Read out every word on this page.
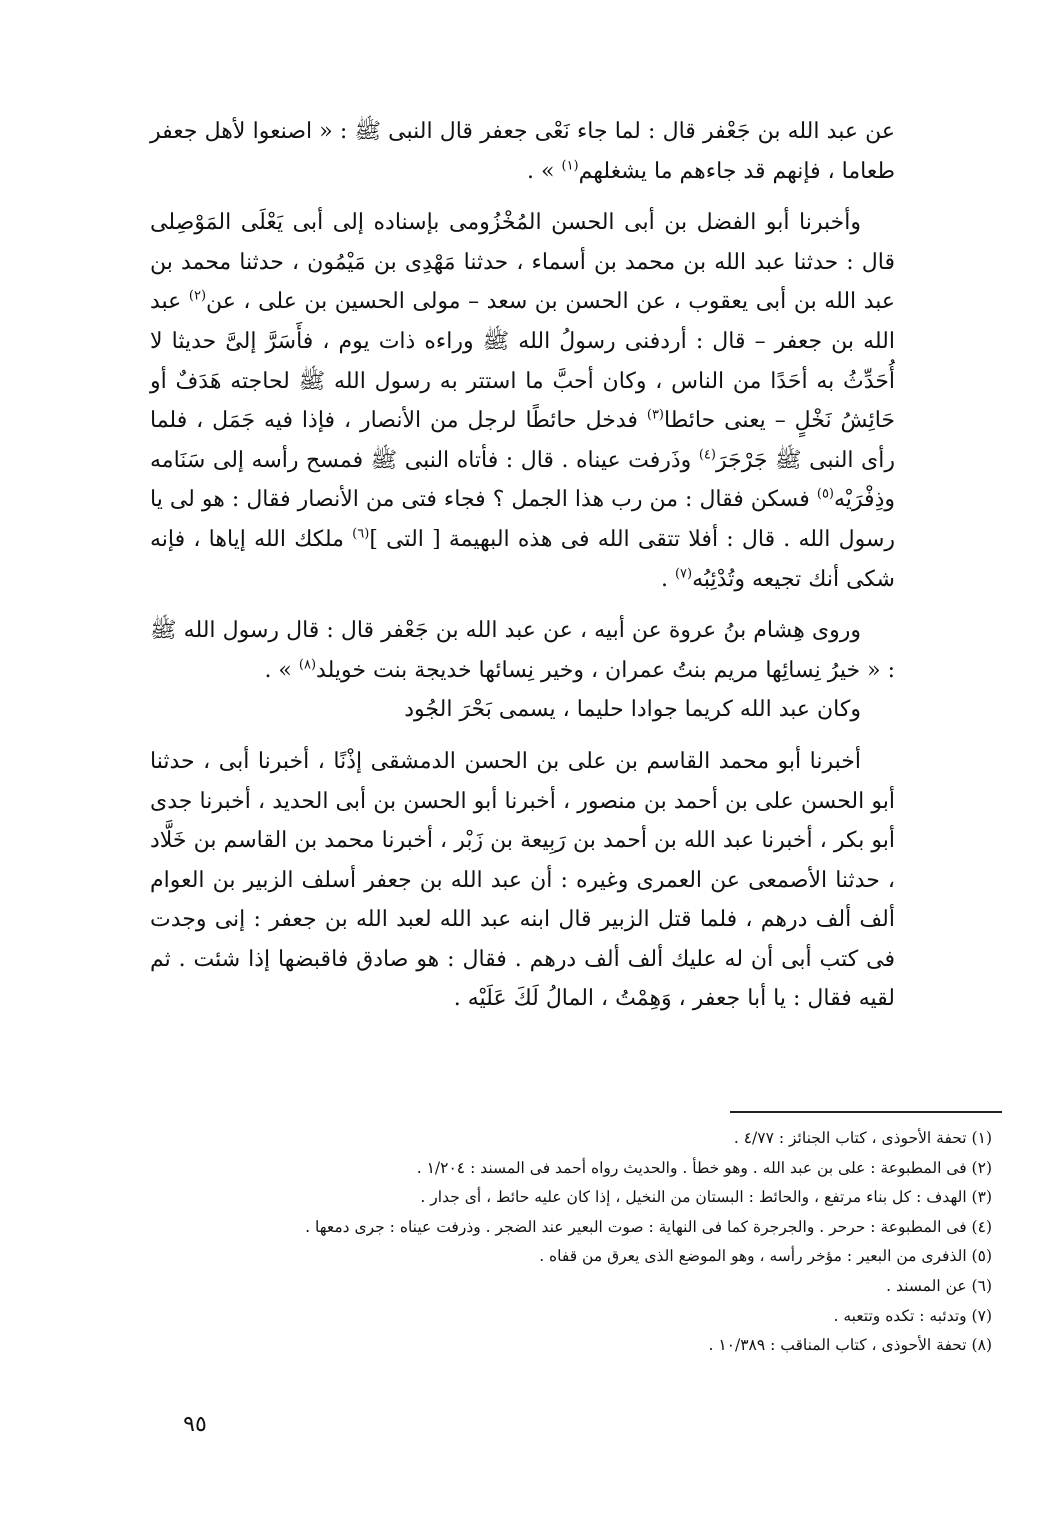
عن عبد الله بن جَعْفر قال : لما جاء نَعْى جعفر قال النبى ﷺ : « اصنعوا لأهل جعفر طعاما ، فإنهم قد جاءهم ما يشغلهم$^{(١)}$ » .

وأخبرنا أبو الفضل بن أبى الحسن المُخْزُومى بإسناده إلى أبى يَعْلَى المَوْصِلى قال : حدثنا عبد الله بن محمد بن أسماء ، حدثنا مَهْدِى بن مَيْمُون ، حدثنا محمد بن عبد الله بن أبى يعقوب ، عن الحسن بن سعد – مولى الحسين بن على ، عن$^{(٢)}$ عبد الله بن جعفر – قال : أردفنى رسولُ الله ﷺ وراءه ذات يوم ، فأَسَرَّ إلىَّ حديثا لا أُحَدِّثُ به أحَدًا من الناس ، وكان أحبَّ ما استتر به رسول الله ﷺ لحاجته هَدَفٌ أو حَائِشُ نَخْلٍ – يعنى حائطا$^{(٣)}$ فدخل حائطًا لرجل من الأنصار ، فإذا فيه جَمَل ، فلما رأى النبى ﷺ جَرْجَرَ$^{(٤)}$ وذَرفت عيناه . قال : فأتاه النبى ﷺ فمسح رأسه إلى سَنَامه وذِفْرَيْه$^{(٥)}$ فسكن فقال : من رب هذا الجمل ؟ فجاء فتى من الأنصار فقال : هو لى يا رسول الله . قال : أفلا تتقى الله فى هذه البهيمة [ التى ]$^{(٦)}$ ملكك الله إياها ، فإنه شكى أنك تجيعه وتُدْئِبُه$^{(٧)}$ .

وروى هِشام بنُ عروة عن أبيه ، عن عبد الله بن جَعْفر قال : قال رسول الله ﷺ : « خيرُ نِسائِها مريم بنتُ عمران ، وخير نِسائها خديجة بنت خويلد$^{(٨)}$ » .

وكان عبد الله كريما جوادا حليما ، يسمى بَحْرَ الجُود

أخبرنا أبو محمد القاسم بن على بن الحسن الدمشقى إذْنًا ، أخبرنا أبى ، حدثنا أبو الحسن على بن أحمد بن منصور ، أخبرنا أبو الحسن بن أبى الحديد ، أخبرنا جدى أبو بكر ، أخبرنا عبد الله بن أحمد بن رَبِيعة بن زَبْر ، أخبرنا محمد بن القاسم بن خَلَّاد ، حدثنا الأصمعى عن العمرى وغيره : أن عبد الله بن جعفر أسلف الزبير بن العوام ألف ألف درهم ، فلما قتل الزبير قال ابنه عبد الله لعبد الله بن جعفر : إنى وجدت فى كتب أبى أن له عليك ألف ألف درهم . فقال : هو صادق فاقبضها إذا شئت . ثم لقيه فقال : يا أبا جعفر ، وَهِمْتُ ، المالُ لَكَ عَلَيْه .

(١) تحفة الأحوذى ، كتاب الجنائز : ٤/٧٧ .

(٢) فى المطبوعة : على بن عبد الله . وهو خطأ . والحديث رواه أحمد فى المسند : ١/٢٠٤ .

(٣) الهدف : كل بناء مرتفع ، والحائط : البستان من النخيل ، إذا كان عليه حائط ، أى جدار .

(٤) فى المطبوعة : حرحر . والجرجرة كما فى النهاية : صوت البعير عند الضجر . وذرفت عيناه : جرى دمعها .

(٥) الذفرى من البعير : مؤخر رأسه ، وهو الموضع الذى يعرق من قفاه .

(٦) عن المسند .

(٧) وتدئبه : تكده وتتعبه .

(٨) تحفة الأحوذى ، كتاب المناقب : ١٠/٣٨٩ .

٩٥
